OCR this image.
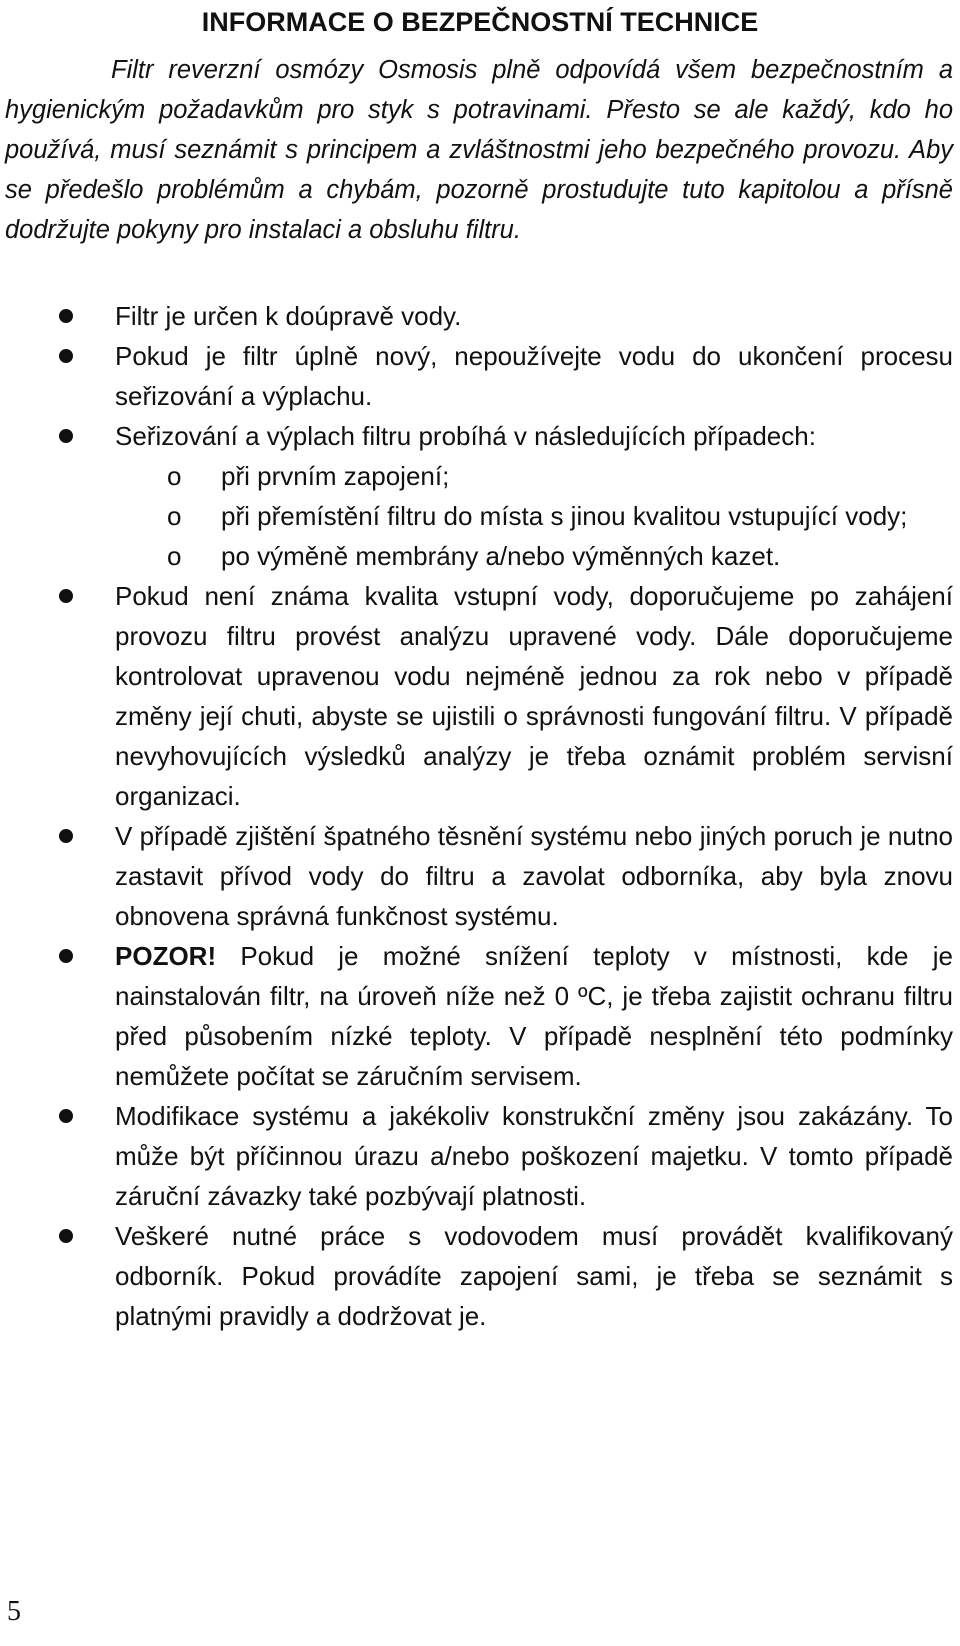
INFORMACE O BEZPEČNOSTNÍ TECHNICE

Filtr reverzní osmózy Osmosis plně odpovídá všem bezpečnostním a hygienickým požadavkům pro styk s potravinami. Přesto se ale každý, kdo ho používá, musí seznámit s principem a zvláštnostmi jeho bezpečného provozu. Aby se předešlo problémům a chybám, pozorně prostudujte tuto kapitolou a přísně dodržujte pokyny pro instalaci a obsluhu filtru.

Filtr je určen k doúpravě vody.
Pokud je filtr úplně nový, nepoužívejte vodu do ukončení procesu seřizování a výplachu.
Seřizování a výplach filtru probíhá v následujících případech:
o při prvním zapojení;
o při přemístění filtru do místa s jinou kvalitou vstupující vody;
o po výměně membrány a/nebo výměnných kazet.
Pokud není známa kvalita vstupní vody, doporučujeme po zahájení provozu filtru provést analýzu upravené vody. Dále doporučujeme kontrolovat upravenou vodu nejméně jednou za rok nebo v případě změny její chuti, abyste se ujistili o správnosti fungování filtru. V případě nevyhovujících výsledků analýzy je třeba oznámit problém servisní organizaci.
V případě zjištění špatného těsnění systému nebo jiných poruch je nutno zastavit přívod vody do filtru a zavolat odborníka, aby byla znovu obnovena správná funkčnost systému.
POZOR! Pokud je možné snížení teploty v místnosti, kde je nainstalován filtr, na úroveň níže než 0 ºC, je třeba zajistit ochranu filtru před působením nízké teploty. V případě nesplnění této podmínky nemůžete počítat se záručním servisem.
Modifikace systému a jakékoliv konstrukční změny jsou zakázány. To může být příčinnou úrazu a/nebo poškození majetku. V tomto případě záruční závazky také pozbývají platnosti.
Veškeré nutné práce s vodovodem musí provádět kvalifikovaný odborník. Pokud provádíte zapojení sami, je třeba se seznámit s platnými pravidly a dodržovat je.
5
